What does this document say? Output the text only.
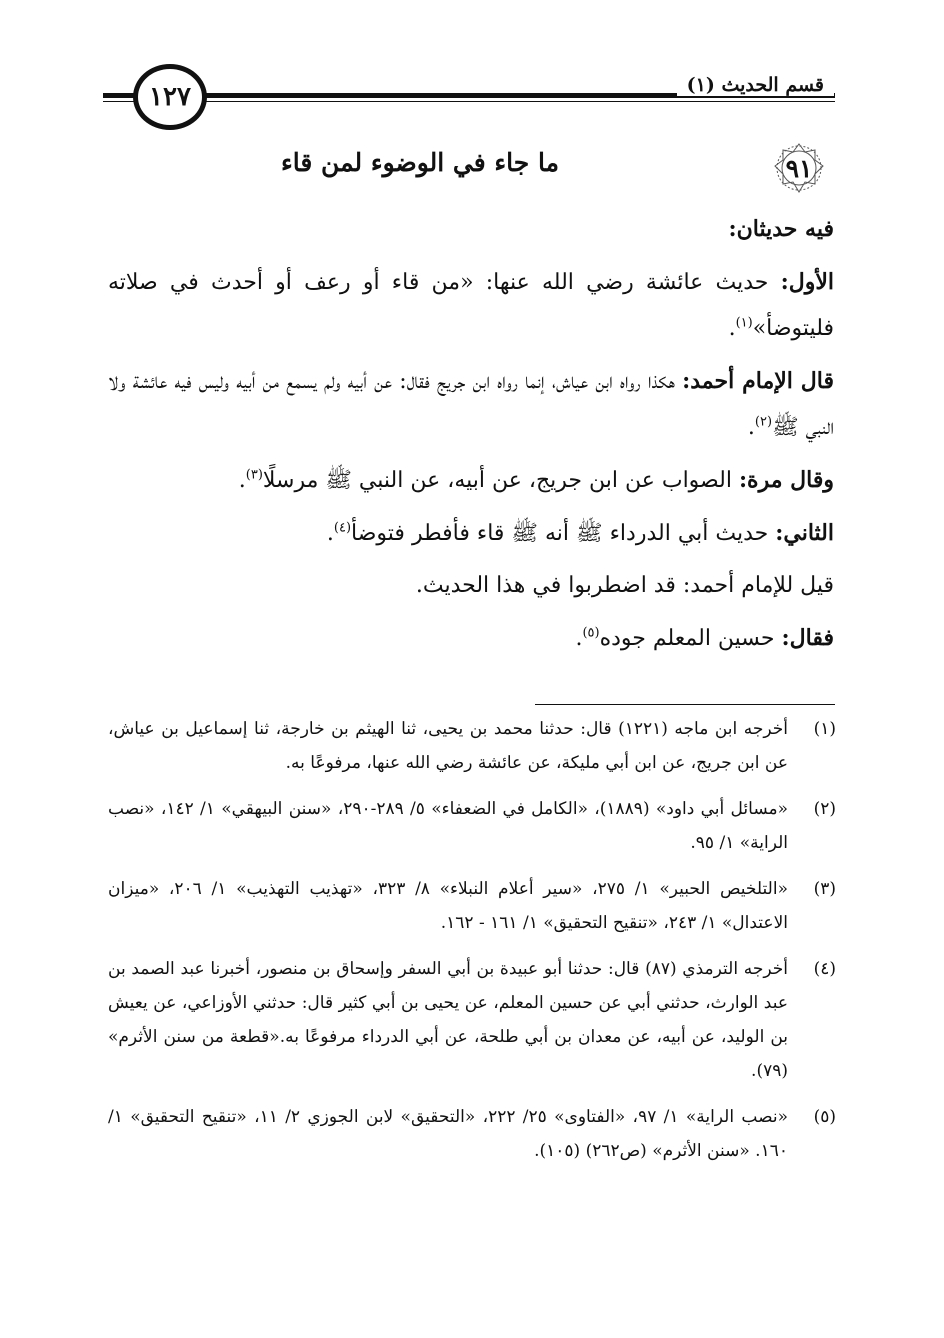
١٢٧	قسم الحديث (١)
٩١
ما جاء في الوضوء لمن قاء

فيه حديثان:

الأول: حديث عائشة رضي الله عنها: «من قاء أو رعف أو أحدث في صلاته فليتوضأ»$^{(١)}$.

قال الإمام أحمد: هكذا رواه ابن عياش، إنما رواه ابن جريج فقال: عن أبيه ولم يسمع من أبيه وليس فيه عائشة ولا النبي ﷺ$^{(٢)}$.

وقال مرة: الصواب عن ابن جريج، عن أبيه، عن النبي ﷺ مرسلًا$^{(٣)}$.

الثاني: حديث أبي الدرداء ﷺ أنه ﷺ قاء فأفطر فتوضأ$^{(٤)}$.

قيل للإمام أحمد: قد اضطربوا في هذا الحديث.

فقال: حسين المعلم جوده$^{(٥)}$.

(١)
أخرجه ابن ماجه (١٢٢١) قال: حدثنا محمد بن يحيى، ثنا الهيثم بن خارجة، ثنا إسماعيل بن عياش، عن ابن جريج، عن ابن أبي مليكة، عن عائشة رضي الله عنها، مرفوعًا به.
(٢)
«مسائل أبي داود» (١٨٨٩)، «الكامل في الضعفاء» ٥/ ٢٨٩-٢٩٠، «سنن البيهقي» ١/ ١٤٢، «نصب الراية» ١/ ٩٥.
(٣)
«التلخيص الحبير» ١/ ٢٧٥، «سير أعلام النبلاء» ٨/ ٣٢٣، «تهذيب التهذيب» ١/ ٢٠٦، «ميزان الاعتدال» ١/ ٢٤٣، «تنقيح التحقيق» ١/ ١٦١ - ١٦٢.
(٤)
أخرجه الترمذي (٨٧) قال: حدثنا أبو عبيدة بن أبي السفر وإسحاق بن منصور، أخبرنا عبد الصمد بن عبد الوارث، حدثني أبي عن حسين المعلم، عن يحيى بن أبي كثير قال: حدثني الأوزاعي، عن يعيش بن الوليد، عن أبيه، عن معدان بن أبي طلحة، عن أبي الدرداء مرفوعًا به.«قطعة من سنن الأثرم» (٧٩).
(٥)
«نصب الراية» ١/ ٩٧، «الفتاوى» ٢٥/ ٢٢٢، «التحقيق» لابن الجوزي ٢/ ١١، «تنقيح التحقيق» ١/ ١٦٠. «سنن الأثرم» (ص٢٦٢) (١٠٥).
